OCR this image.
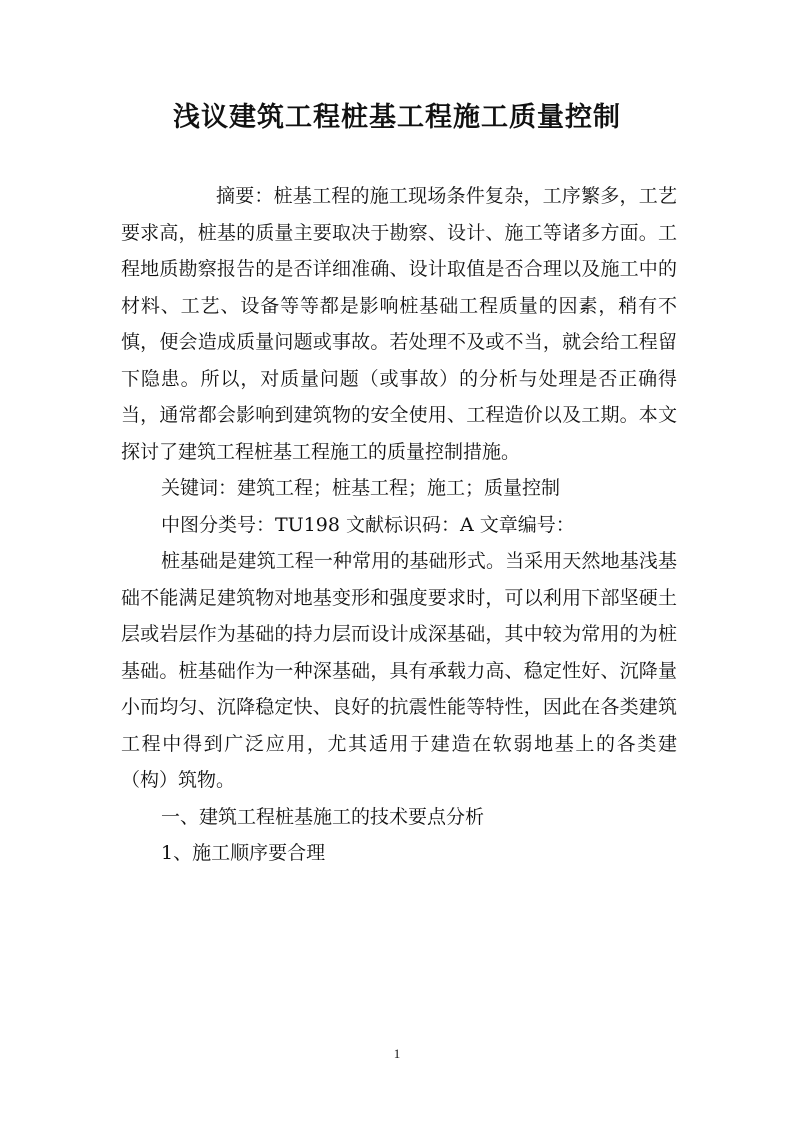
浅议建筑工程桩基工程施工质量控制

摘要：桩基工程的施工现场条件复杂，工序繁多，工艺要求高，桩基的质量主要取决于勘察、设计、施工等诸多方面。工程地质勘察报告的是否详细准确、设计取值是否合理以及施工中的材料、工艺、设备等等都是影响桩基础工程质量的因素，稍有不慎，便会造成质量问题或事故。若处理不及或不当，就会给工程留下隐患。所以，对质量问题（或事故）的分析与处理是否正确得当，通常都会影响到建筑物的安全使用、工程造价以及工期。本文探讨了建筑工程桩基工程施工的质量控制措施。

关键词：建筑工程；桩基工程；施工；质量控制

中图分类号：TU198 文献标识码：A 文章编号：

桩基础是建筑工程一种常用的基础形式。当采用天然地基浅基础不能满足建筑物对地基变形和强度要求时，可以利用下部坚硬土层或岩层作为基础的持力层而设计成深基础，其中较为常用的为桩基础。桩基础作为一种深基础，具有承载力高、稳定性好、沉降量小而均匀、沉降稳定快、良好的抗震性能等特性，因此在各类建筑工程中得到广泛应用，尤其适用于建造在软弱地基上的各类建（构）筑物。

一、建筑工程桩基施工的技术要点分析

1、施工顺序要合理

1
